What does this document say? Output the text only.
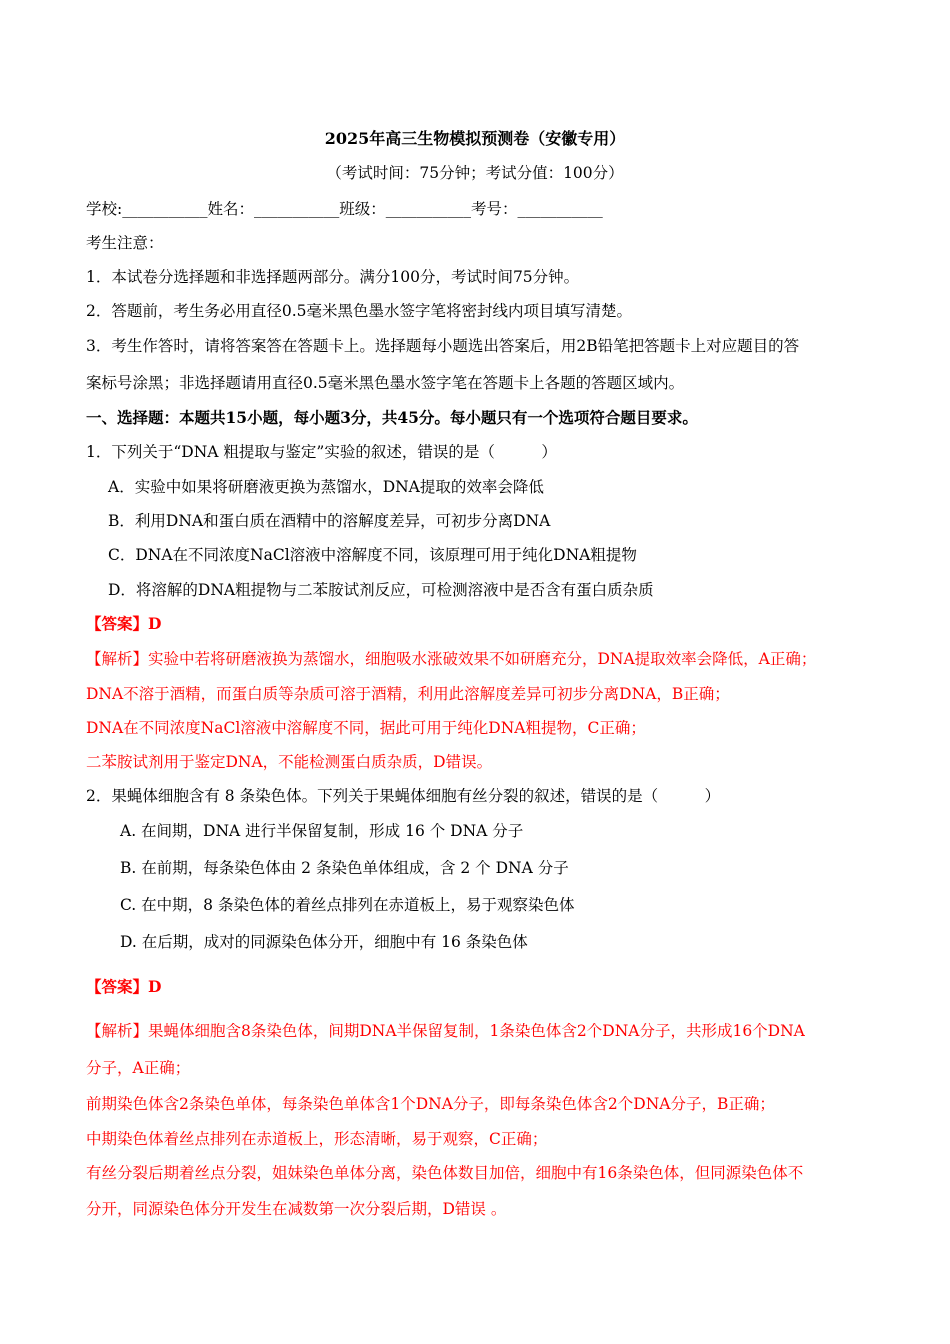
2025年高三生物模拟预测卷（安徽专用）
（考试时间：75分钟；考试分值：100分）
学校:___________姓名：___________班级：___________考号：___________
考生注意：
1．本试卷分选择题和非选择题两部分。满分100分，考试时间75分钟。
2．答题前，考生务必用直径0.5毫米黑色墨水签字笔将密封线内项目填写清楚。
3．考生作答时，请将答案答在答题卡上。选择题每小题选出答案后，用2B铅笔把答题卡上对应题目的答
案标号涂黑；非选择题请用直径0.5毫米黑色墨水签字笔在答题卡上各题的答题区域内。
一、选择题：本题共15小题，每小题3分，共45分。每小题只有一个选项符合题目要求。
1．下列关于“DNA 粗提取与鉴定”实验的叙述，错误的是（　　　）
A．实验中如果将研磨液更换为蒸馏水，DNA提取的效率会降低
B．利用DNA和蛋白质在酒精中的溶解度差异，可初步分离DNA
C．DNA在不同浓度NaCl溶液中溶解度不同，该原理可用于纯化DNA粗提物
D．将溶解的DNA粗提物与二苯胺试剂反应，可检测溶液中是否含有蛋白质杂质
【答案】D
【解析】实验中若将研磨液换为蒸馏水，细胞吸水涨破效果不如研磨充分，DNA提取效率会降低，A正确；
DNA不溶于酒精，而蛋白质等杂质可溶于酒精，利用此溶解度差异可初步分离DNA，B正确；
DNA在不同浓度NaCl溶液中溶解度不同，据此可用于纯化DNA粗提物，C正确；
二苯胺试剂用于鉴定DNA，不能检测蛋白质杂质，D错误。
2．果蝇体细胞含有 8 条染色体。下列关于果蝇体细胞有丝分裂的叙述，错误的是（　　　）
A. 在间期，DNA 进行半保留复制，形成 16 个 DNA 分子
B. 在前期，每条染色体由 2 条染色单体组成，含 2 个 DNA 分子
C. 在中期，8 条染色体的着丝点排列在赤道板上，易于观察染色体
D. 在后期，成对的同源染色体分开，细胞中有 16 条染色体
【答案】D
【解析】果蝇体细胞含8条染色体，间期DNA半保留复制，1条染色体含2个DNA分子，共形成16个DNA
分子，A正确；
前期染色体含2条染色单体，每条染色单体含1个DNA分子，即每条染色体含2个DNA分子，B正确；
中期染色体着丝点排列在赤道板上，形态清晰，易于观察，C正确；
有丝分裂后期着丝点分裂，姐妹染色单体分离，染色体数目加倍，细胞中有16条染色体，但同源染色体不
分开，同源染色体分开发生在减数第一次分裂后期，D错误 。
